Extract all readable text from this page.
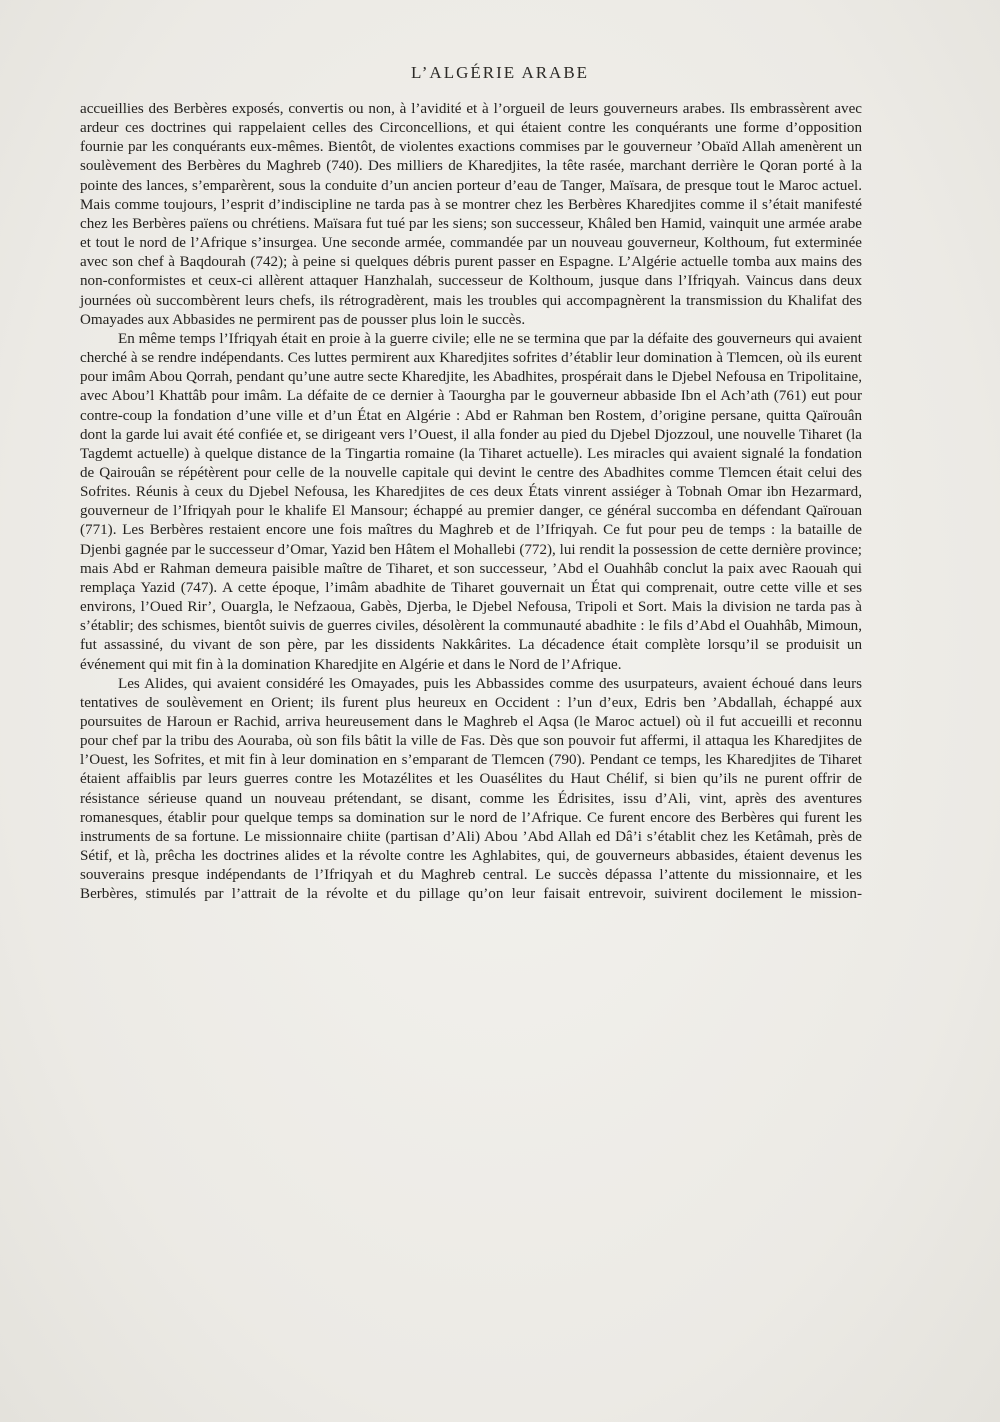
L’ALGÉRIE ARABE

accueillies des Berbères exposés, convertis ou non, à l’avidité et à l’orgueil de leurs gouverneurs arabes. Ils embrassèrent avec ardeur ces doctrines qui rappelaient celles des Circoncellions, et qui étaient contre les conquérants une forme d’opposition fournie par les conquérants eux-mêmes. Bientôt, de violentes exactions commises par le gouverneur ’Obaïd Allah amenèrent un soulèvement des Berbères du Maghreb (740). Des milliers de Kharedjites, la tête rasée, marchant derrière le Qoran porté à la pointe des lances, s’emparèrent, sous la conduite d’un ancien porteur d’eau de Tanger, Maïsara, de presque tout le Maroc actuel. Mais comme toujours, l’esprit d’indiscipline ne tarda pas à se montrer chez les Berbères Kharedjites comme il s’était manifesté chez les Berbères païens ou chrétiens. Maïsara fut tué par les siens; son successeur, Khâled ben Hamid, vainquit une armée arabe et tout le nord de l’Afrique s’insurgea. Une seconde armée, commandée par un nouveau gouverneur, Kolthoum, fut exterminée avec son chef à Baqdourah (742); à peine si quelques débris purent passer en Espagne. L’Algérie actuelle tomba aux mains des non-conformistes et ceux-ci allèrent attaquer Hanzhalah, successeur de Kolthoum, jusque dans l’Ifriqyah. Vaincus dans deux journées où succombèrent leurs chefs, ils rétrogradèrent, mais les troubles qui accompagnèrent la transmission du Khalifat des Omayades aux Abbasides ne permirent pas de pousser plus loin le succès.

En même temps l’Ifriqyah était en proie à la guerre civile; elle ne se termina que par la défaite des gouverneurs qui avaient cherché à se rendre indépendants. Ces luttes permirent aux Kharedjites sofrites d’établir leur domination à Tlemcen, où ils eurent pour imâm Abou Qorrah, pendant qu’une autre secte Kharedjite, les Abadhites, prospérait dans le Djebel Nefousa en Tripolitaine, avec Abou’l Khattâb pour imâm. La défaite de ce dernier à Taourgha par le gouverneur abbaside Ibn el Ach’ath (761) eut pour contre-coup la fondation d’une ville et d’un État en Algérie : Abd er Rahman ben Rostem, d’origine persane, quitta Qaïrouân dont la garde lui avait été confiée et, se dirigeant vers l’Ouest, il alla fonder au pied du Djebel Djozzoul, une nouvelle Tiharet (la Tagdemt actuelle) à quelque distance de la Tingartia romaine (la Tiharet actuelle). Les miracles qui avaient signalé la fondation de Qairouân se répétèrent pour celle de la nouvelle capitale qui devint le centre des Abadhites comme Tlemcen était celui des Sofrites. Réunis à ceux du Djebel Nefousa, les Kharedjites de ces deux États vinrent assiéger à Tobnah Omar ibn Hezarmard, gouverneur de l’Ifriqyah pour le khalife El Mansour; échappé au premier danger, ce général succomba en défendant Qaïrouan (771). Les Berbères restaient encore une fois maîtres du Maghreb et de l’Ifriqyah. Ce fut pour peu de temps : la bataille de Djenbi gagnée par le successeur d’Omar, Yazid ben Hâtem el Mohallebi (772), lui rendit la possession de cette dernière province; mais Abd er Rahman demeura paisible maître de Tiharet, et son successeur, ’Abd el Ouahhâb conclut la paix avec Raouah qui remplaça Yazid (747). A cette époque, l’imâm abadhite de Tiharet gouvernait un État qui comprenait, outre cette ville et ses environs, l’Oued Rir’, Ouargla, le Nefzaoua, Gabès, Djerba, le Djebel Nefousa, Tripoli et Sort. Mais la division ne tarda pas à s’établir; des schismes, bientôt suivis de guerres civiles, désolèrent la communauté abadhite : le fils d’Abd el Ouahhâb, Mimoun, fut assassiné, du vivant de son père, par les dissidents Nakkârites. La décadence était complète lorsqu’il se produisit un événement qui mit fin à la domination Kharedjite en Algérie et dans le Nord de l’Afrique.

Les Alides, qui avaient considéré les Omayades, puis les Abbassides comme des usurpateurs, avaient échoué dans leurs tentatives de soulèvement en Orient; ils furent plus heureux en Occident : l’un d’eux, Edris ben ’Abdallah, échappé aux poursuites de Haroun er Rachid, arriva heureusement dans le Maghreb el Aqsa (le Maroc actuel) où il fut accueilli et reconnu pour chef par la tribu des Aouraba, où son fils bâtit la ville de Fas. Dès que son pouvoir fut affermi, il attaqua les Kharedjites de l’Ouest, les Sofrites, et mit fin à leur domination en s’emparant de Tlemcen (790). Pendant ce temps, les Kharedjites de Tiharet étaient affaiblis par leurs guerres contre les Motazélites et les Ouasélites du Haut Chélif, si bien qu’ils ne purent offrir de résistance sérieuse quand un nouveau prétendant, se disant, comme les Édrisites, issu d’Ali, vint, après des aventures romanesques, établir pour quelque temps sa domination sur le nord de l’Afrique. Ce furent encore des Berbères qui furent les instruments de sa fortune. Le missionnaire chiite (partisan d’Ali) Abou ’Abd Allah ed Dâ’i s’établit chez les Ketâmah, près de Sétif, et là, prêcha les doctrines alides et la révolte contre les Aghlabites, qui, de gouverneurs abbasides, étaient devenus les souverains presque indépendants de l’Ifriqyah et du Maghreb central. Le succès dépassa l’attente du missionnaire, et les Berbères, stimulés par l’attrait de la révolte et du pillage qu’on leur faisait entrevoir, suivirent docilement le mission-
